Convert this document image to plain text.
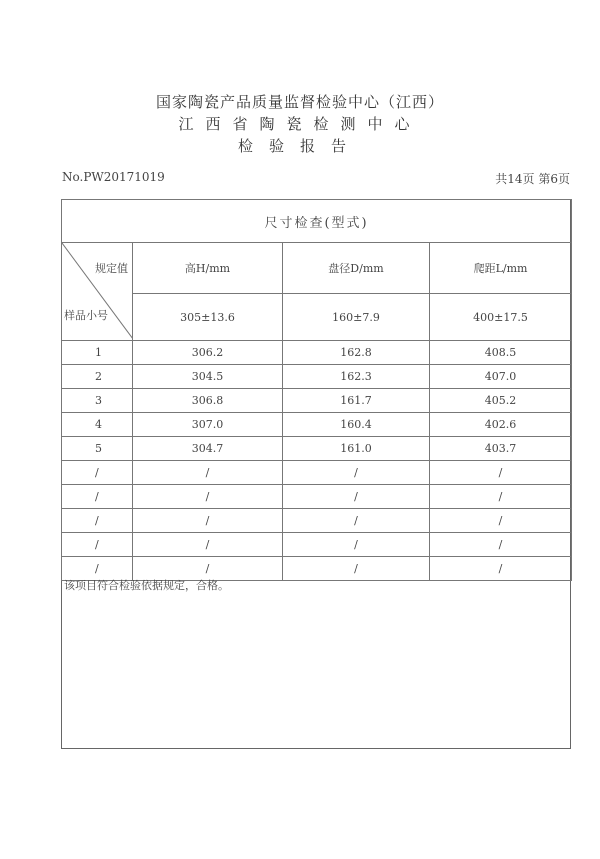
国家陶瓷产品质量监督检验中心（江西）
江西省陶瓷检测中心
检验报告
No.PW20171019	共14页 第6页
尺寸检查(型式)			

规定值
样品小号	高H/mm	盘径D/mm	爬距L/mm
	305±13.6	160±7.9	400±17.5
1	306.2	162.8	408.5
2	304.5	162.3	407.0
3	306.8	161.7	405.2
4	307.0	160.4	402.6
5	304.7	161.0	403.7
/	/	/	/
/	/	/	/
/	/	/	/
/	/	/	/
/	/	/	/
该项目符合检验依据规定，合格。
